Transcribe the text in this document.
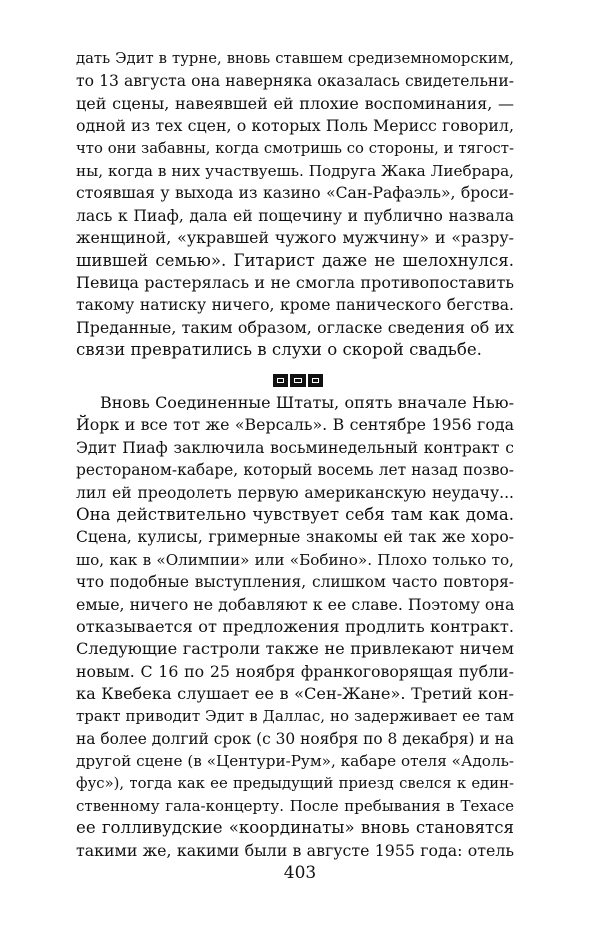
дать Эдит в турне, вновь ставшем средиземноморским,
то 13 августа она наверняка оказалась свидетельни-
цей сцены, навеявшей ей плохие воспоминания, —
одной из тех сцен, о которых Поль Мерисс говорил,
что они забавны, когда смотришь со стороны, и тягост-
ны, когда в них участвуешь. Подруга Жака Лиебрара,
стоявшая у выхода из казино «Сан-Рафаэль», броси-
лась к Пиаф, дала ей пощечину и публично назвала
женщиной, «укравшей чужого мужчину» и «разру-
шившей семью». Гитарист даже не шелохнулся.
Певица растерялась и не смогла противопоставить
такому натиску ничего, кроме панического бегства.
Преданные, таким образом, огласке сведения об их
связи превратились в слухи о скорой свадьбе.
Вновь Соединенные Штаты, опять вначале Нью-
Йорк и все тот же «Версаль». В сентябре 1956 года
Эдит Пиаф заключила восьминедельный контракт с
рестораном-кабаре, который восемь лет назад позво-
лил ей преодолеть первую американскую неудачу...
Она действительно чувствует себя там как дома.
Сцена, кулисы, гримерные знакомы ей так же хоро-
шо, как в «Олимпии» или «Бобино». Плохо только то,
что подобные выступления, слишком часто повторя-
емые, ничего не добавляют к ее славе. Поэтому она
отказывается от предложения продлить контракт.
Следующие гастроли также не привлекают ничем
новым. С 16 по 25 ноября франкоговорящая публи-
ка Квебека слушает ее в «Сен-Жане». Третий кон-
тракт приводит Эдит в Даллас, но задерживает ее там
на более долгий срок (с 30 ноября по 8 декабря) и на
другой сцене (в «Центури-Рум», кабаре отеля «Адоль-
фус»), тогда как ее предыдущий приезд свелся к един-
ственному гала-концерту. После пребывания в Техасе
ее голливудские «координаты» вновь становятся
такими же, какими были в августе 1955 года: отель
403
